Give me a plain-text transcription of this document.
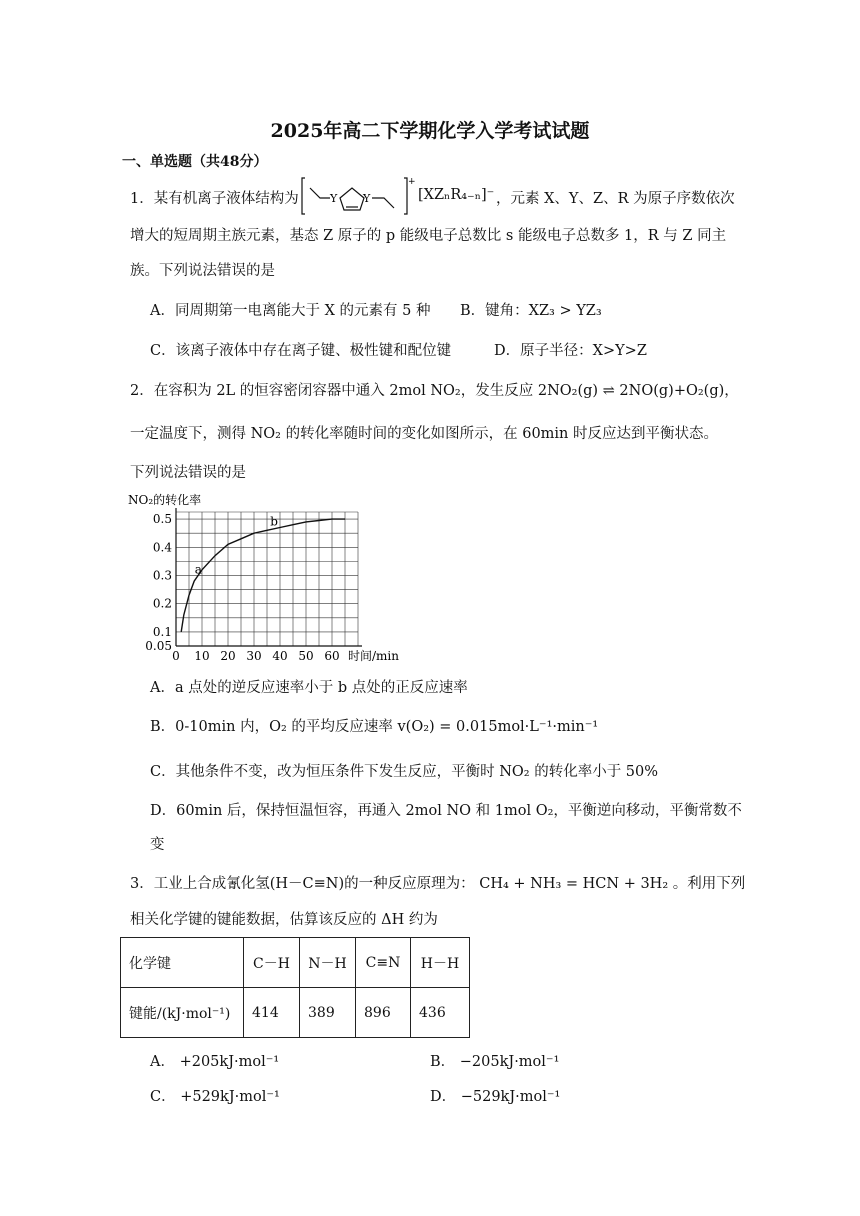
2025年高二下学期化学入学考试试题
一、单选题（共48分）
1．某有机离子液体结构为	Y Y
+
[XZₙR₄₋ₙ]⁻ ，元素 X、Y、Z、R 为原子序数依次
增大的短周期主族元素，基态 Z 原子的 p 能级电子总数比 s 能级电子总数多 1，R 与 Z 同主
族。下列说法错误的是
A．同周期第一电离能大于 X 的元素有 5 种 B．键角：XZ₃ > YZ₃
C．该离子液体中存在离子键、极性键和配位键	D．原子半径：X>Y>Z
2．在容积为 2L 的恒容密闭容器中通入 2mol NO₂，发生反应 2NO₂(g) ⇌ 2NO(g)+O₂(g)，
一定温度下，测得 NO₂ 的转化率随时间的变化如图所示，在 60min 时反应达到平衡状态。
下列说法错误的是
NO₂的转化率
0.05
0.1
0.2
0.3
0.4
0.5
0 10 20 30 40 50 60
a
b
时间/min
A．a 点处的逆反应速率小于 b 点处的正反应速率
B．0-10min 内，O₂ 的平均反应速率 v(O₂) = 0.015mol·L⁻¹·min⁻¹
C．其他条件不变，改为恒压条件下发生反应，平衡时 NO₂ 的转化率小于 50%
D．60min 后，保持恒温恒容，再通入 2mol NO 和 1mol O₂，平衡逆向移动，平衡常数不
变
3．工业上合成氰化氢(H－C≡N)的一种反应原理为： CH₄ + NH₃ = HCN + 3H₂ 。利用下列
相关化学键的键能数据，估算该反应的 ΔH 约为
化学键	C－H	N－H	C≡N	H－H
键能/(kJ·mol⁻¹)	414	389	896	436
A． +205kJ·mol⁻¹	B． −205kJ·mol⁻¹
C． +529kJ·mol⁻¹	D． −529kJ·mol⁻¹
